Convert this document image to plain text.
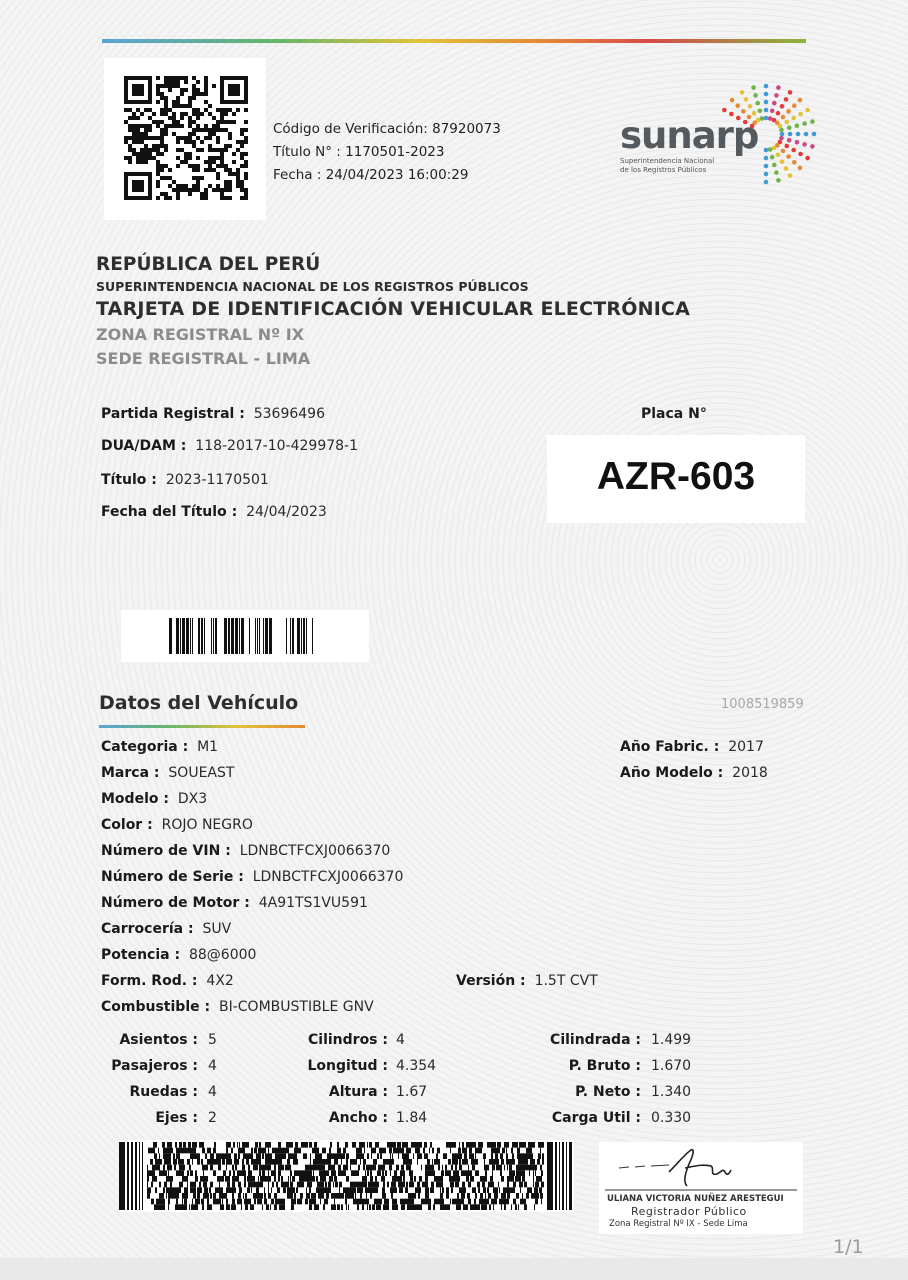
Código de Verificación: 87920073
Título N° : 1170501-2023
Fecha : 24/04/2023 16:00:29
sunarp
Superintendencia Nacional
de los Registros Públicos
REPÚBLICA DEL PERÚ
SUPERINTENDENCIA NACIONAL DE LOS REGISTROS PÚBLICOS
TARJETA DE IDENTIFICACIÓN VEHICULAR ELECTRÓNICA
ZONA REGISTRAL Nº IX
SEDE REGISTRAL - LIMA
Partida Registral : 53696496
DUA/DAM : 118-2017-10-429978-1
Título : 2023-1170501
Fecha del Título : 24/04/2023
Placa N°
AZR-603
Datos del Vehículo	1008519859
Categoria : M1
Marca : SOUEAST
Modelo : DX3
Color : ROJO NEGRO
Número de VIN : LDNBCTFCXJ0066370
Número de Serie : LDNBCTFCXJ0066370
Número de Motor : 4A91TS1VU591
Carrocería : SUV
Potencia : 88@6000
Form. Rod. : 4X2	Versión : 1.5T CVT
Combustible : BI-COMBUSTIBLE GNV
Año Fabric. : 2017
Año Modelo : 2018
Asientos : 5
Pasajeros : 4
Ruedas : 4
Ejes : 2
Cilindros : 4
Longitud : 4.354
Altura : 1.67
Ancho : 1.84
Cilindrada : 1.499
P. Bruto : 1.670
P. Neto : 1.340
Carga Util : 0.330
ULIANA VICTORIA NUÑEZ ARESTEGUI
Registrador Público
Zona Registral Nº IX - Sede Lima
1/1
